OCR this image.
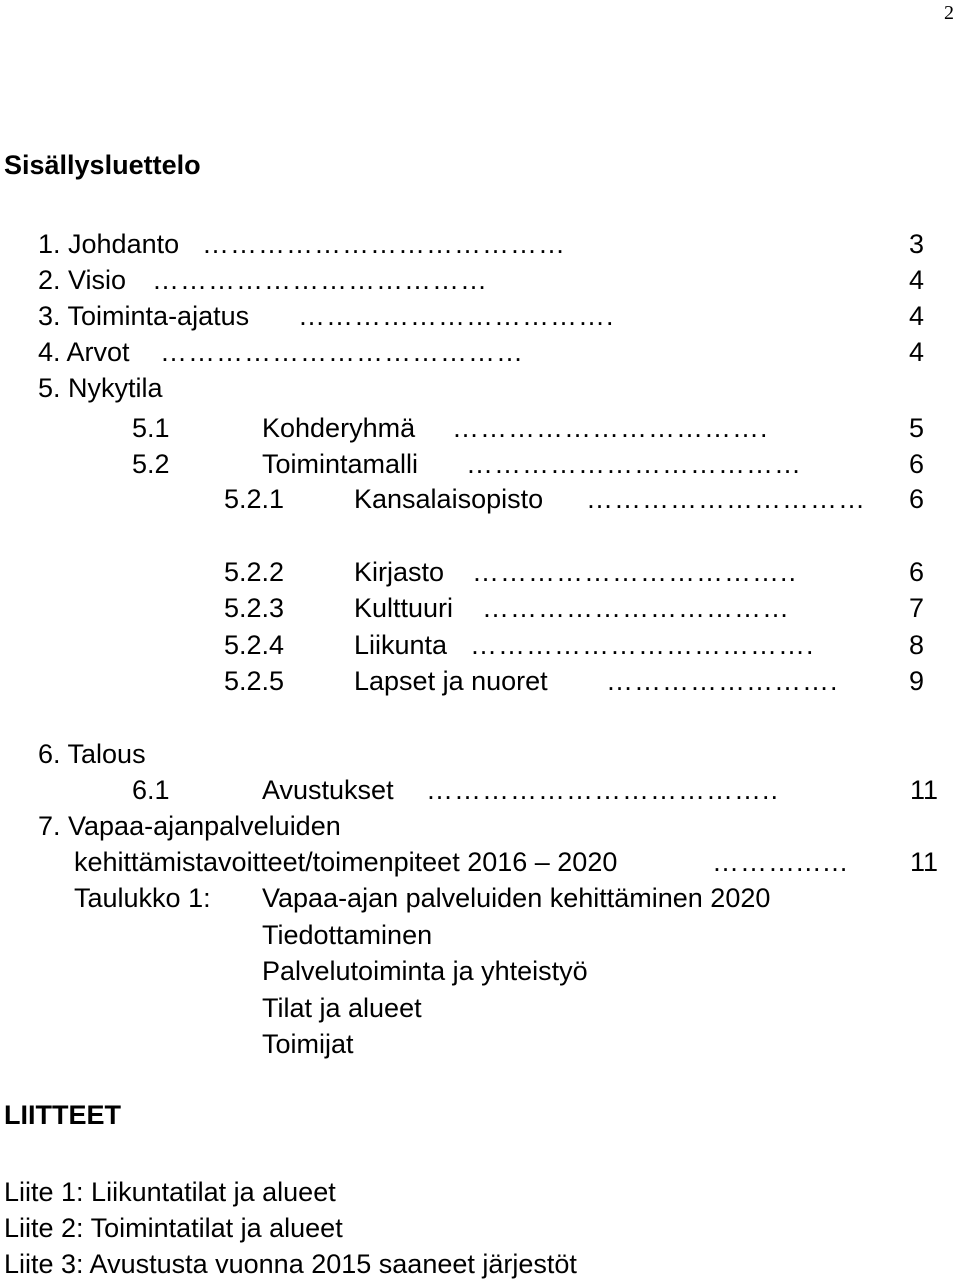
2
Sisällysluettelo
1. Johdanto …………………………………	3
2. Visio ………………………………	4
3. Toiminta-ajatus …………………………….	4
4. Arvot …………………………………	4
5. Nykytila
5.1	Kohderyhmä …………………………….	5
5.2	Toimintamalli ………………………………	6
5.2.1	Kansalaisopisto …………………………	6
5.2.2	Kirjasto ……………………………..	6
5.2.3	Kulttuuri ……………………………	7
5.2.4	Liikunta ……………………………….	8
5.2.5	Lapset ja nuoret …………………….	9
6. Talous
6.1	Avustukset ………………………………..	11
7. Vapaa-ajanpalveluiden
kehittämistavoitteet/toimenpiteet 2016 – 2020	………...…	11
Taulukko 1: Vapaa-ajan palveluiden kehittäminen 2020
Tiedottaminen
Palvelutoiminta ja yhteistyö
Tilat ja alueet
Toimijat
LIITTEET
Liite 1: Liikuntatilat ja alueet
Liite 2: Toimintatilat ja alueet
Liite 3: Avustusta vuonna 2015 saaneet järjestöt
